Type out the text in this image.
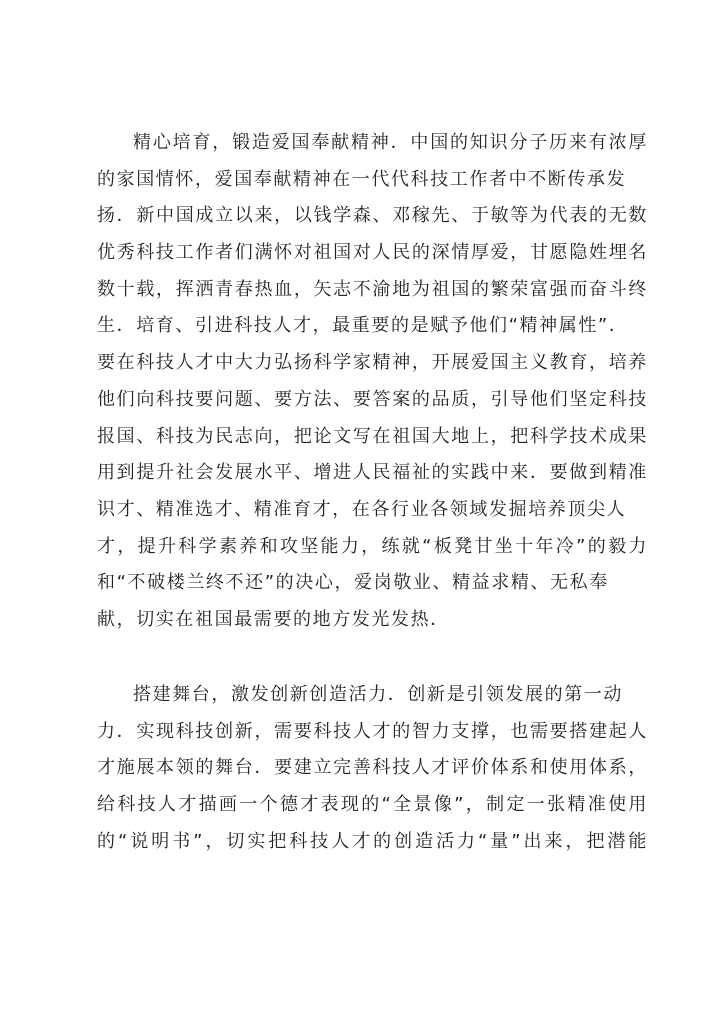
精心培育，锻造爱国奉献精神．中国的知识分子历来有浓厚
的家国情怀，爱国奉献精神在一代代科技工作者中不断传承发
扬．新中国成立以来，以钱学森、邓稼先、于敏等为代表的无数
优秀科技工作者们满怀对祖国对人民的深情厚爱，甘愿隐姓埋名
数十载，挥洒青春热血，矢志不渝地为祖国的繁荣富强而奋斗终
生．培育、引进科技人才，最重要的是赋予他们“精神属性”．
要在科技人才中大力弘扬科学家精神，开展爱国主义教育，培养
他们向科技要问题、要方法、要答案的品质，引导他们坚定科技
报国、科技为民志向，把论文写在祖国大地上，把科学技术成果
用到提升社会发展水平、增进人民福祉的实践中来．要做到精准
识才、精准选才、精准育才，在各行业各领域发掘培养顶尖人
才，提升科学素养和攻坚能力，练就“板凳甘坐十年冷”的毅力
和“不破楼兰终不还”的决心，爱岗敬业、精益求精、无私奉
献，切实在祖国最需要的地方发光发热．
搭建舞台，激发创新创造活力．创新是引领发展的第一动
力．实现科技创新，需要科技人才的智力支撑，也需要搭建起人
才施展本领的舞台．要建立完善科技人才评价体系和使用体系，
给科技人才描画一个德才表现的“全景像”，制定一张精准使用
的“说明书”，切实把科技人才的创造活力“量”出来，把潜能
